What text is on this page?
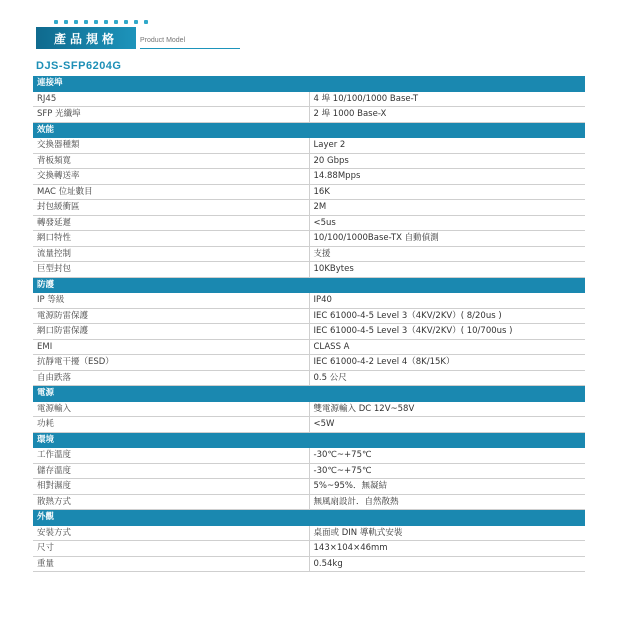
產品規格	Product Model
DJS-SFP6204G
連接埠	
RJ45	4 埠 10/100/1000 Base-T
SFP 光纖埠	2 埠 1000 Base-X
效能	
交換器種類	Layer 2
背板頻寬	20 Gbps
交換轉送率	14.88Mpps
MAC 位址數目	16K
封包緩衝區	2M
轉發延遲	<5us
網口特性	10/100/1000Base-TX 自動偵測
流量控制	支援
巨型封包	10KBytes
防護	
IP 等級	IP40
電源防雷保護	IEC 61000-4-5 Level 3（4KV/2KV）( 8/20us )
網口防雷保護	IEC 61000-4-5 Level 3（4KV/2KV）( 10/700us )
EMI	CLASS A
抗靜電干擾（ESD）	IEC 61000-4-2 Level 4（8K/15K）
自由跌落	0.5 公尺
電源	
電源輸入	雙電源輸入 DC 12V~58V
功耗	<5W
環境	
工作溫度	-30℃~+75℃
儲存溫度	-30℃~+75℃
相對濕度	5%~95%．無凝結
散熱方式	無風扇設計．自然散熱
外觀	
安裝方式	桌面或 DIN 導軌式安裝
尺寸	143×104×46mm
重量	0.54kg
